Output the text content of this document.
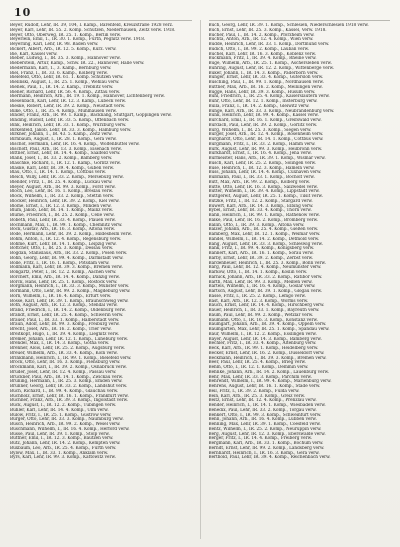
10

Beyer, Rudolf, Lehr, IR. 39, 104, I. Kamp., Bärenfeld, Kreuzstraße 1928 verz.

Beyer, Karl, Lehr, IR. 55. 2. Komp. Schützen, Niederhausen, Zeitz verw. 1918.

Beyer, Otto, Oberweg, IR. 25. 1. Komp., Berlin verw.

Beyerlein, Emil, 1., IR. 30. 1. Komp., Fürth, Pegnitz verw. 1918.

Beyerling, Karl, Lehr, IR. 98. Baden verw.

Bickert, Albert, Arb., IR. 12. 5. Komp., Kurz. verw.

Bie, Karl, Kassel verw.

Bieber, Ludwig, I., IR. 35. 3. Komp., Hannover verw.

Bieberstein, Artur, Kamp., Schw. IR. 22., Hannover, Halle verw.

Biedermann, Karl, 1., 3. Kamp., Bernburg verw.

Biel, Franz, I., IR. 33. 6. Kamp., Kolberg verw.

Bielefeld, Otto, Lehr, IR. 61. 1. Komp. Schützen verw.

Bielinski, August, I., IR. 25. 1. Komp., Wehlau verw.

Bienek, Paul, 1., IR. 14. 2. Kamp., Trebnitz verw.

Biener, Richard, Lehr, IR. 56. 4. Komp., Zittau verw.

Biermann, Heinrich, Arb., IR. 19. 1. Komp., Hannover, Lichtenberg verw.

Biesenbach, Karl, Lehr, IR. 12. 3. Kamp., Lübeck verw.

Bieske, Robert, Lehr, IR. 39. 2. Komp., Neustadt verw.

Bilke, Otto, I., IR. 35. 4. Komp., Mühlhausen verw.

Binder, Franz, Arb., IR. 99. 1. Kamp., Backnang, Stuttgart, Göppingen verw.

Binding, Rudolf, Lehr, IR. 33. 5. Komp., Offenbach verw.

Bink, Heinrich, Lehr, IR. 33. 1. Komp., Würzburg verw.

Birkenfeld, Jakob, Lehr, IR. 33. 3. Komp., Hamburg verw.

Birkner, Johann, 1., IR. 43. 5. Kamp., Zeitz verw.

Birnbaum, August, I., IR. 28. 1. Komp., Gera verw.

Bischof, Hermann, Lehr, IR. 16. 4. Komp., Wolfenbüttel verw.

Bischoff, Paul, Arb., IR. 13. 3. Komp., Eisenach verw.

Bittner, Ernst, Lehr, IR. 14. 4. Komp., Saalfeld verw.

Blank, Josef, I., IR. 33. 2. Komp., Bamberg verw.

Blaschke, Richard, I., IR. 12. 1. Kamp., Görlitz verw.

Blaske, Karl, Lehr, IR. 39. 4. Komp., Guben verw.

Blau, Otto, I., IR. 14. 1. Komp., Cottbus verw.

Bleich, Willy, Lehr, IR. 33. 2. Komp., Merseburg verw.

Blender, Fritz, I., IR. 25. 4. Komp., Luckau verw.

Bleyer, August, Arb., IR. 99. 3. Komp., Forst verw.

Bloch, Leo, Lehr, IR. 16. 1. Komp., Breslau verw.

Block, Wilhelm, I., IR. 33. 2. Komp., Stettin verw.

Blöcker, Heinrich, Lehr, IR. 39. 2. Komp., Kiel verw.

Blome, Ernst, I., IR. 12. 3. Komp., Minden verw.

Blum, Jakob, Lehr, IR. 14. 1. Komp., Mainz verw.

Blume, Friedrich, I., IR. 25. 2. Komp., Celle verw.

Bobeth, Paul, Lehr, IR. 33. 4. Komp., Plauen verw.

Bochmann, Max, I., IR. 99. 1. Komp., Chemnitz verw.

Bock, Gustav, Arb., IR. 16. 3. Komp., Altona verw.

Bode, Hermann, Lehr, IR. 39. 2. Komp., Hildesheim verw.

Böhm, Anton, I., IR. 12. 4. Komp., Regensburg verw.

Böhme, Kurt, Lehr, IR. 14. 1. Komp., Leipzig verw.

Böttcher, Otto, I., IR. 25. 3. Komp., Dessau verw.

Bogdan, Stanislaus, Arb., IR. 33. 2. Komp., Posen verw.

Bohn, Georg, Lehr, IR. 99. 4. Komp., Darmstadt verw.

Bolle, Fritz, I., IR. 16. 1. Komp., Potsdam verw.

Bollmann, Karl, Lehr, IR. 39. 3. Komp., Bremen verw.

Bongartz, Peter, I., IR. 12. 2. Komp., Aachen verw.

Borchert, Emil, Arb., IR. 14. 4. Komp., Danzig verw.

Borck, Hans, Lehr, IR. 25. 1. Komp., Rostock verw.

Borgmann, Heinrich, I., IR. 33. 3. Komp., Münster verw.

Bormann, Otto, Lehr, IR. 99. 2. Komp., Magdeburg verw.

Born, Wilhelm, I., IR. 16. 4. Komp., Erfurt verw.

Bosse, Karl, Lehr, IR. 39. 1. Komp., Braunschweig verw.

Both, August, Arb., IR. 12. 3. Komp., Stendal verw.

Brand, Friedrich, I., IR. 14. 2. Komp., Oldenburg verw.

Brandt, Ernst, Lehr, IR. 25. 4. Komp., Schwerin verw.

Brauer, Paul, I., IR. 33. 1. Komp., Halberstadt verw.

Braun, Adolf, Lehr, IR. 99. 3. Komp., Freiburg verw.

Brecht, Josef, Arb., IR. 16. 2. Komp., Trier verw.

Breitkopf, Hugo, I., IR. 39. 4. Komp., Liegnitz verw.

Bremer, Johann, Lehr, IR. 12. 1. Komp., Lüneburg verw.

Brendel, Max, I., IR. 14. 3. Komp., Gotha verw.

Brenner, Alois, Lehr, IR. 25. 2. Komp., Augsburg verw.

Breuer, Wilhelm, Arb., IR. 33. 4. Komp., Köln verw.

Brinkmann, Heinrich, I., IR. 99. 1. Komp., Bielefeld verw.

Brock, Otto, Lehr, IR. 16. 3. Komp., Flensburg verw.

Brockmann, Karl, I., IR. 39. 2. Komp., Osnabrück verw.

Bruder, Josef, Lehr, IR. 12. 4. Komp., Passau verw.

Brückner, Paul, Arb., IR. 14. 1. Komp., Zwickau verw.

Brüning, Hermann, I., IR. 25. 3. Komp., Emden verw.

Brunner, Georg, Lehr, IR. 33. 2. Komp., Landshut verw.

Buch, Richard, I., IR. 99. 4. Komp., Glauchau verw.

Buchholz, Ernst, Lehr, IR. 16. 1. Komp., Frankfurt verw.

Buchner, Franz, Arb., IR. 39. 3. Komp., Ingolstadt verw.

Buck, August, I., IR. 12. 2. Komp., Tübingen verw.

Bühler, Karl, Lehr, IR. 14. 4. Komp., Ulm verw.

Bülow, Fritz, I., IR. 25. 1. Komp., Güstrow verw.

Bürger, Otto, Lehr, IR. 33. 3. Komp., Naumburg verw.

Busch, Heinrich, Arb., IR. 99. 2. Komp., Wesel verw.

Buschmann, Wilhelm, I., IR. 16. 4. Komp., Herford verw.

Busse, Paul, Lehr, IR. 39. 1. Komp., Stolp verw.

Buttner, Emil, I., IR. 12. 3. Komp., Bautzen verw.

Butz, Johann, Lehr, IR. 14. 2. Komp., Kempten verw.

Buxbaum, Leo, Arb., IR. 25. 4. Komp., Fürth verw.

Bylow, Max, I., IR. 33. 1. Komp., Anklam verw.

Byrs, Karl, Lehr, IR. 99. 3. Komp., Kattowitz verw.

Buch, Georg, Lehr, IR. 39. 1. Komp., Schlesien, Niederschlesien 1918 verw.

Buch, Ernst, Lehr, IR. 25. 3. Komp., Kassel, Verw. 1918.

Bucher, Paul, I., IR. 14. 2. Komp., Pforzheim verw.

Buchta, Anton, Arb., IR. 12. 4. Komp., Wien verw.

Budde, Heinrich, Lehr, IR. 33. 1. Komp., Dortmund verw.

Budich, Otto, I., IR. 99. 2. Komp., Lauban verw.

Büchel, Karl, Lehr, IR. 16. 3. Komp., Koblenz verw.

Bückmann, Fritz, I., IR. 39. 4. Komp., Rheine verw.

Büge, Wilhelm, Arb., IR. 25. 1. Komp., Aschersleben verw.

Bühring, August, Lehr, IR. 12. 2. Komp., Wittenberge verw.

Büker, Johann, I., IR. 14. 3. Komp., Paderborn verw.

Bünger, Ernst, Lehr, IR. 33. 4. Komp., Gütersloh verw.

Büsching, Paul, I., IR. 99. 1. Komp., Nordhausen verw.

Büttner, Max, Arb., IR. 16. 2. Komp., Meiningen verw.

Bugge, Hans, Lehr, IR. 39. 3. Komp., Husum verw.

Buhl, Friedrich, I., IR. 25. 4. Komp., Kaiserslautern verw.

Buhr, Otto, Lehr, IR. 12. 1. Komp., Insterburg verw.

Bulla, Franz, I., IR. 14. 2. Komp., Gleiwitz verw.

Bunge, Karl, Arb., IR. 33. 3. Komp., Neubrandenburg verw.

Bunk, Heinrich, Lehr, IR. 99. 4. Komp., Kassel verw.

Burchard, Emil, I., IR. 16. 1. Komp., Greifswald verw.

Burdach, Paul, Lehr, IR. 39. 2. Komp., Görlitz verw.

Burg, Wilhelm, I., IR. 25. 3. Komp., Siegen verw.

Burger, Josef, Arb., IR. 12. 4. Komp., Rosenheim verw.

Burghardt, Otto, Lehr, IR. 14. 1. Komp., Cottbus verw.

Burgmann, Fritz, I., IR. 33. 2. Komp., Hamm verw.

Burk, August, Lehr, IR. 99. 3. Komp., Heilbronn verw.

Burkhardt, Ernst, I., IR. 16. 4. Komp., Jena verw.

Burmeister, Hans, Arb., IR. 39. 1. Komp., Wismar verw.

Busch, Karl, Lehr, IR. 25. 2. Komp., Solingen verw.

Buse, Heinrich, I., IR. 12. 3. Komp., Hameln verw.

Buss, Johann, Lehr, IR. 14. 4. Komp., Cuxhaven verw.

Bußmann, Paul, I., IR. 33. 1. Komp., Bocholt verw.

Butt, Max, Arb., IR. 99. 2. Komp., Kolberg verw.

Butte, Otto, Lehr, IR. 16. 3. Komp., Salzwedel verw.

Butter, Wilhelm, I., IR. 39. 4. Komp., Lippstadt verw.

Buttgereit, August, Lehr, IR. 25. 1. Komp., Tilsit verw.

Butzke, Fritz, I., IR. 12. 2. Komp., Stargard verw.

Buwert, Karl, Arb., IR. 14. 3. Komp., Elbing verw.

Bybel, Ernst, Lehr, IR. 33. 4. Komp., Thorn verw.

Bahn, Heinrich, I., IR. 99. 1. Komp., Rathenow verw.

Balke, Paul, Lehr, IR. 16. 2. Komp., Bromberg verw.

Ballin, Otto, I., IR. 39. 3. Komp., Altona verw.

Balzer, Johann, Arb., IR. 25. 4. Komp., Gießen verw.

Bamberg, Max, Lehr, IR. 12. 1. Komp., Weimar verw.

Bandel, Wilhelm, I., IR. 14. 2. Komp., Detmold verw.

Bang, August, Lehr, IR. 33. 3. Komp., Schleswig verw.

Bank, Fritz, I., IR. 99. 4. Komp., Königsberg verw.

Bannert, Karl, Arb., IR. 16. 1. Komp., Sorau verw.

Barby, Ernst, Lehr, IR. 39. 2. Komp., Zerbst verw.

Bardenheuer, Heinrich, I., IR. 25. 3. Komp., Bonn verw.

Barg, Paul, Lehr, IR. 12. 4. Komp., Neumünster verw.

Barkow, Otto, I., IR. 14. 1. Komp., Köslin verw.

Barnick, Johann, Arb., IR. 33. 2. Komp., Ratibor verw.

Barth, Max, Lehr, IR. 99. 3. Komp., Meißen verw.

Bartels, Wilhelm, I., IR. 16. 4. Komp., Goslar verw.

Bartsch, August, Lehr, IR. 39. 1. Komp., Glogau verw.

Basse, Fritz, I., IR. 25. 2. Komp., Lemgo verw.

Bast, Karl, Arb., IR. 12. 3. Komp., Worms verw.

Bauch, Ernst, Lehr, IR. 14. 4. Komp., Hirschberg verw.

Bauer, Heinrich, I., IR. 33. 1. Komp., Bayreuth verw.

Baum, Paul, Lehr, IR. 99. 2. Komp., Wetzlar verw.

Baumann, Otto, I., IR. 16. 3. Komp., Konstanz verw.

Baumgart, Johann, Arb., IR. 39. 4. Komp., Oppeln verw.

Baumgarten, Max, Lehr, IR. 25. 1. Komp., Spandau verw.

Baur, Wilhelm, I., IR. 12. 2. Komp., Esslingen verw.

Bayer, August, Lehr, IR. 14. 3. Komp., Bamberg verw.

Bechler, Fritz, I., IR. 33. 4. Komp., Altenburg verw.

Beck, Karl, Arb., IR. 99. 1. Komp., Heidelberg verw.

Becker, Ernst, Lehr, IR. 16. 2. Komp., Düsseldorf verw.

Beckmann, Heinrich, I., IR. 39. 3. Komp., Bremen verw.

Beer, Paul, Lehr, IR. 25. 4. Komp., Brieg verw.

Behm, Otto, I., IR. 12. 1. Komp., Demmin verw.

Behnke, Johann, Arb., IR. 14. 2. Komp., Lauenburg verw.

Behr, Max, Lehr, IR. 33. 3. Komp., Parchim verw.

Behrendt, Wilhelm, I., IR. 99. 4. Komp., Marienburg verw.

Behrens, August, Lehr, IR. 16. 1. Komp., Stade verw.

Beil, Fritz, I., IR. 39. 2. Komp., Fulda verw.

Bein, Karl, Arb., IR. 25. 3. Komp., Greiz verw.

Beitz, Ernst, Lehr, IR. 12. 4. Komp., Prenzlau verw.

Bender, Heinrich, I., IR. 14. 1. Komp., Wiesbaden verw.

Benedix, Paul, Lehr, IR. 33. 2. Komp., Torgau verw.

Benkert, Otto, I., IR. 99. 3. Komp., Schweinfurt verw.

Benn, Johann, Arb., IR. 16. 4. Komp., Lübben verw.

Benning, Max, Lehr, IR. 39. 1. Komp., Coesfeld verw.

Bentz, Wilhelm, I., IR. 25. 2. Komp., Neuruppin verw.

Berg, August, Lehr, IR. 12. 3. Komp., Eberswalde verw.

Berger, Fritz, I., IR. 14. 4. Komp., Freiberg verw.

Bergmann, Karl, Arb., IR. 33. 1. Komp., Bochum verw.

Berndt, Ernst, Lehr, IR. 99. 2. Komp., Landsberg verw.

Bernhardt, Heinrich, I., IR. 16. 3. Komp., Gera verw.

Berthold, Paul, Lehr, IR. 39. 4. Komp., Reichenbach verw.
